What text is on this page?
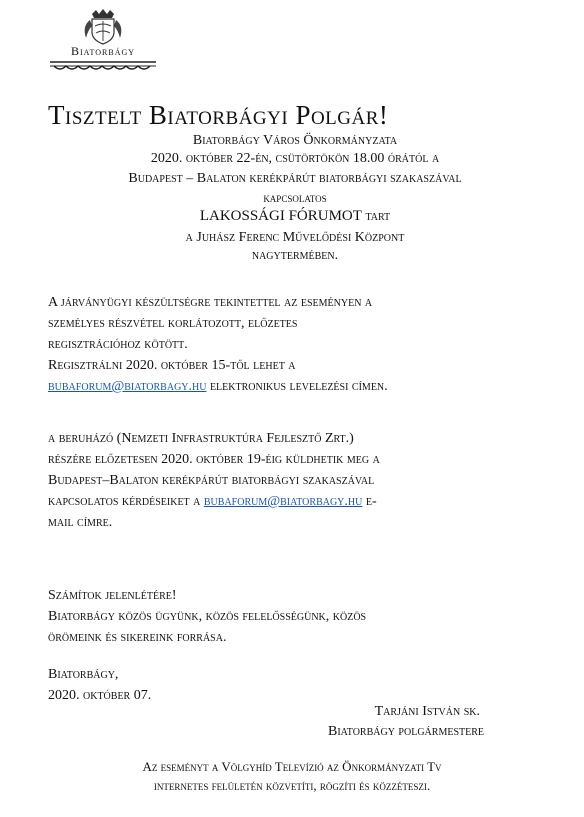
Biatorbágy
Tisztelt Biatorbágyi Polgár!
Biatorbágy Város Önkormányzata
2020. október 22-én, csütörtökön 18.00 órától a
Budapest – Balaton kerékpárút biatorbágyi szakaszával
kapcsolatos
LAKOSSÁGI FÓRUMOT tart
a Juhász Ferenc Művelődési Központ
nagytermében.
A járványügyi készültségre tekintettel az eseményen a
személyes részvétel korlátozott, előzetes
regisztrációhoz kötött.
Regisztrálni 2020. október 15-től lehet a
bubaforum@biatorbagy.hu elektronikus levelezési címen.
a beruházó (Nemzeti Infrastruktúra Fejlesztő Zrt.)
részére előzetesen 2020. október 19-éig küldhetik meg a
Budapest–Balaton kerékpárút biatorbágyi szakaszával
kapcsolatos kérdéseiket a bubaforum@biatorbagy.hu e-
mail címre.
Számítok jelenlétére!
Biatorbágy közös ügyünk, közös felelősségünk, közös
örömeink és sikereink forrása.
Biatorbágy,
2020. október 07.
Tarjáni István sk.
Biatorbágy polgármestere
Az eseményt a Völgyhíd Televízió az Önkormányzati Tv
internetes felületén közvetíti, rögzíti és közzéteszi.
